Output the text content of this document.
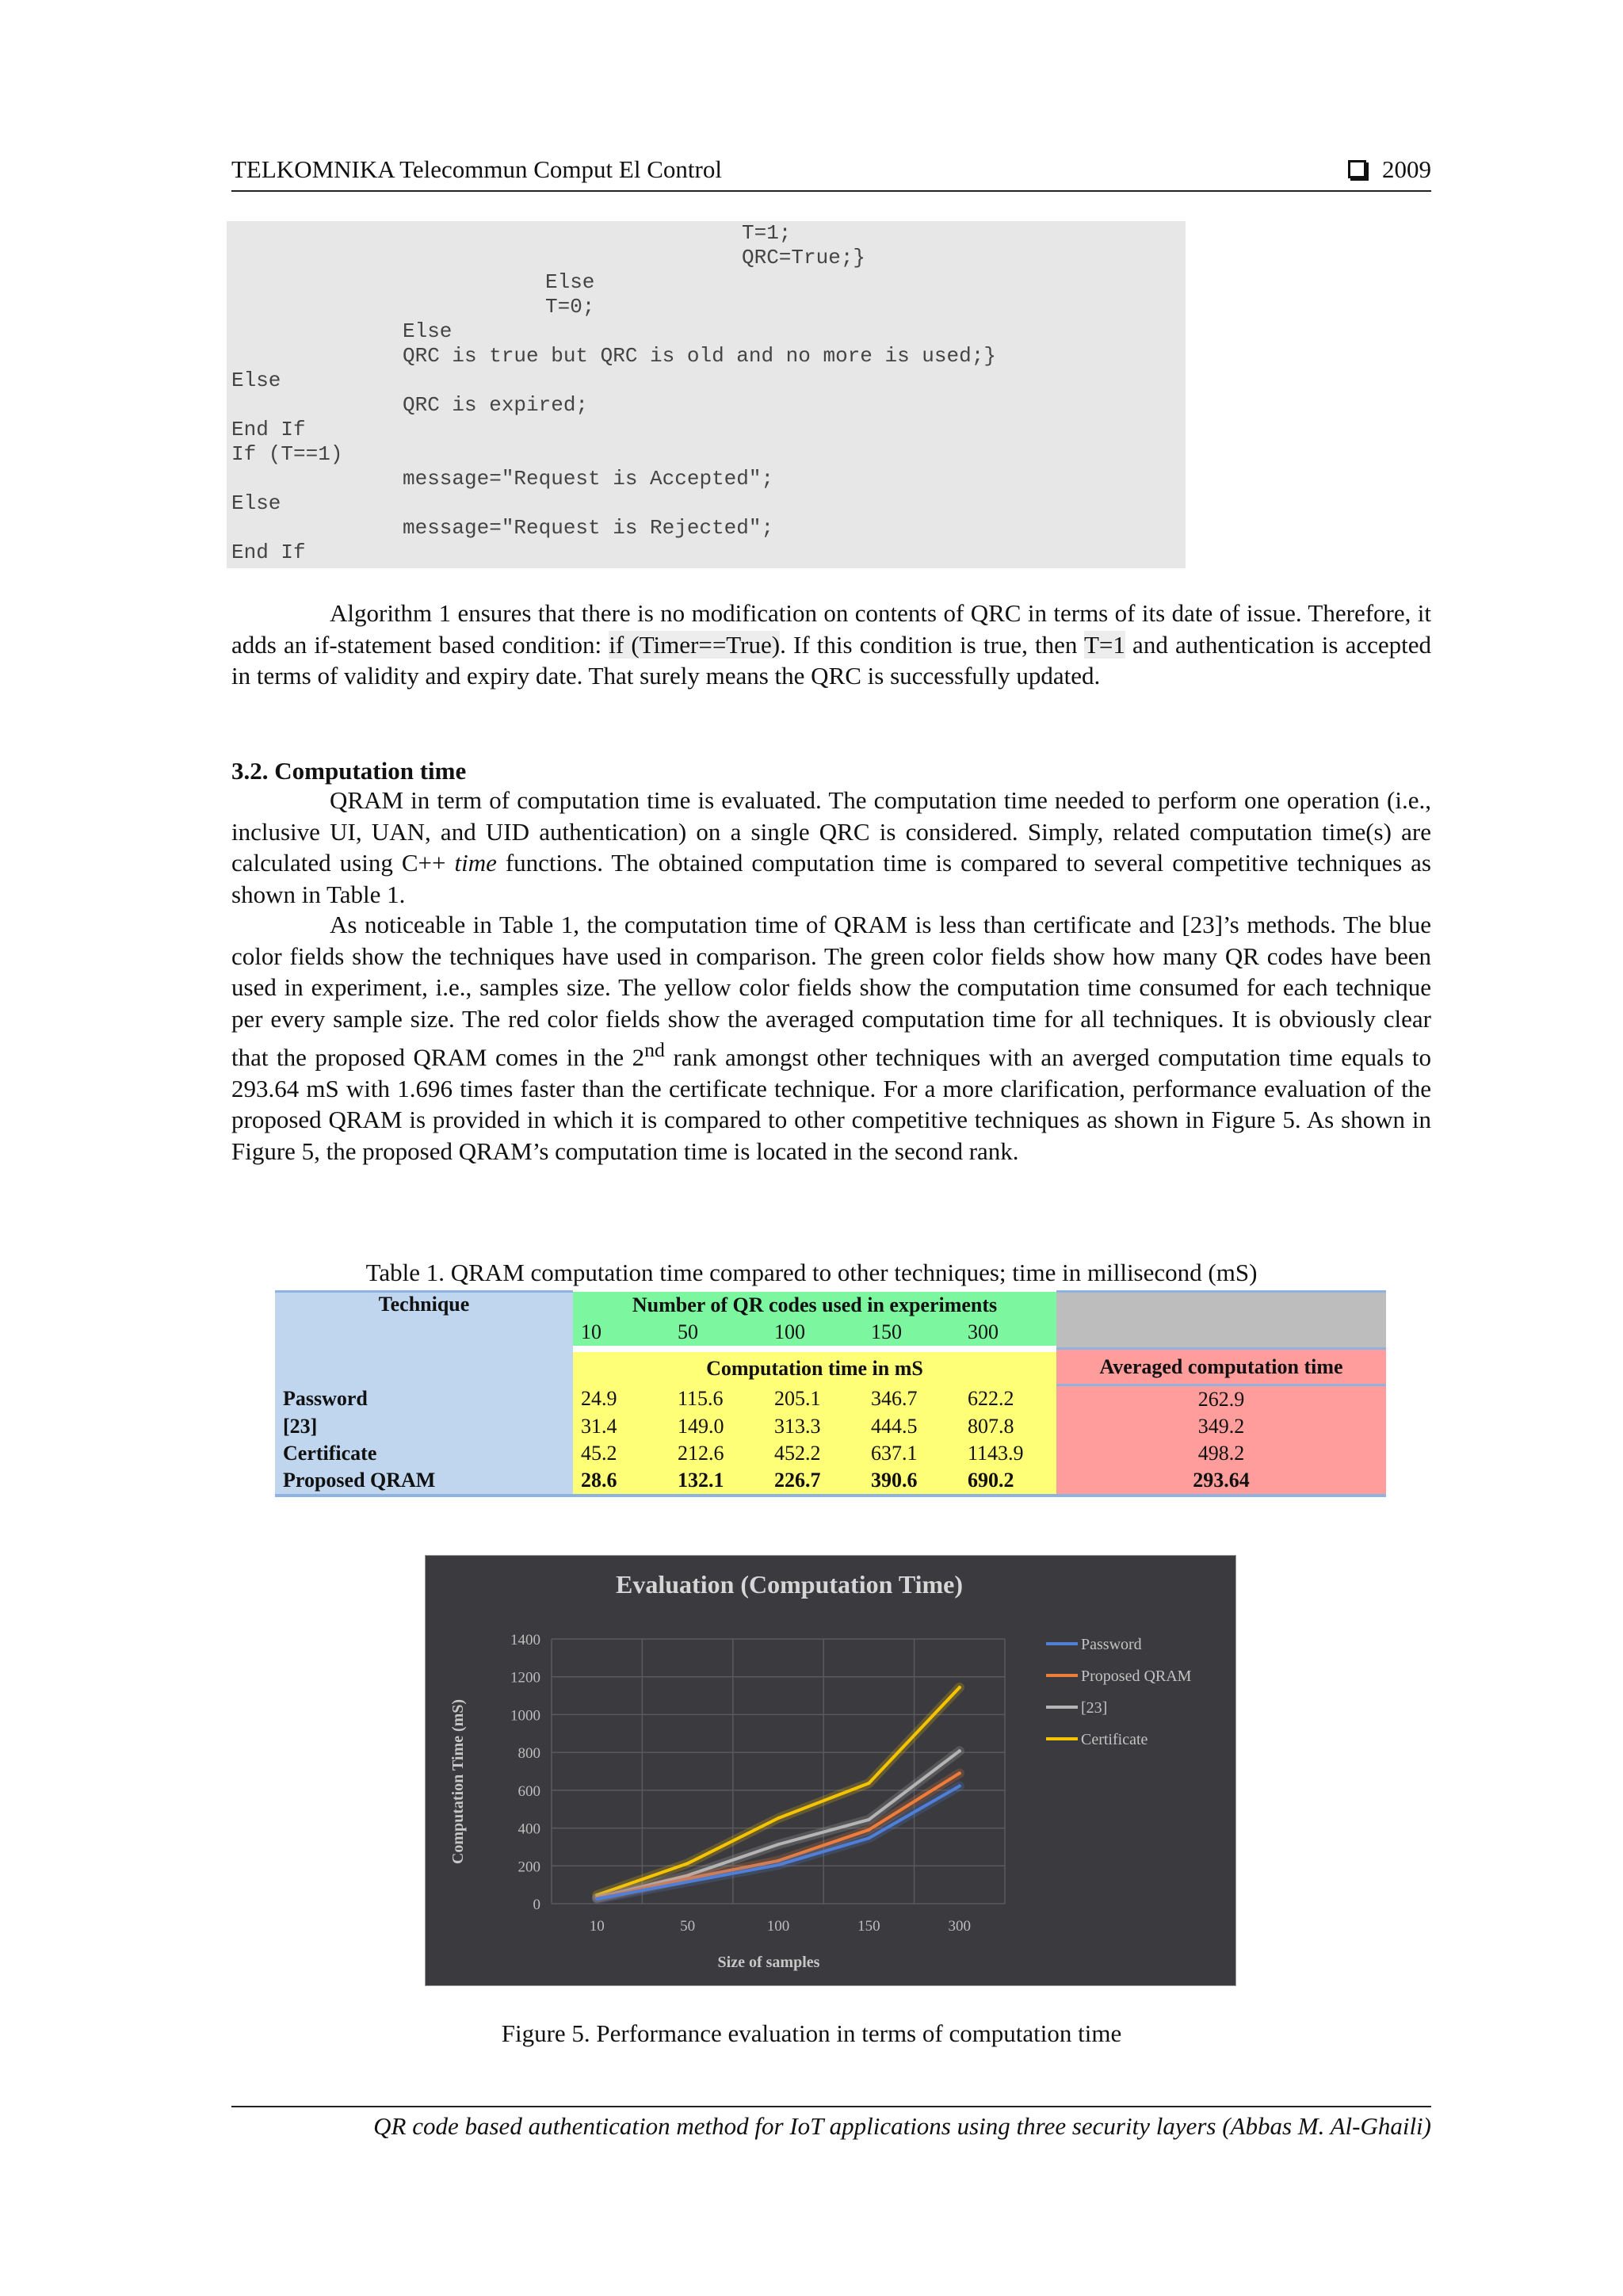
TELKOMNIKA Telecommun Comput El Control	2009
T=1;
QRC=True;}
Else
T=0;
Else
QRC is true but QRC is old and no more is used;}
Else
QRC is expired;
End If
If (T==1)
message="Request is Accepted";
Else
message="Request is Rejected";
End If
Algorithm 1 ensures that there is no modification on contents of QRC in terms of its date of issue. Therefore, it adds an if-statement based condition: if (Timer==True). If this condition is true, then T=1 and authentication is accepted in terms of validity and expiry date. That surely means the QRC is successfully updated.
3.2. Computation time
QRAM in term of computation time is evaluated. The computation time needed to perform one operation (i.e., inclusive UI, UAN, and UID authentication) on a single QRC is considered. Simply, related computation time(s) are calculated using C++ time functions. The obtained computation time is compared to several competitive techniques as shown in Table 1.
As noticeable in Table 1, the computation time of QRAM is less than certificate and [23]’s methods. The blue color fields show the techniques have used in comparison. The green color fields show how many QR codes have been used in experiment, i.e., samples size. The yellow color fields show the computation time consumed for each technique per every sample size. The red color fields show the averaged computation time for all techniques. It is obviously clear that the proposed QRAM comes in the 2nd rank amongst other techniques with an averged computation time equals to 293.64 mS with 1.696 times faster than the certificate technique. For a more clarification, performance evaluation of the proposed QRAM is provided in which it is compared to other competitive techniques as shown in Figure 5. As shown in Figure 5, the proposed QRAM’s computation time is located in the second rank.
Table 1. QRAM computation time compared to other techniques; time in millisecond (mS)
Technique	Number of QR codes used in experiments					
	10	50	100	150	300	
	Computation time in mS					Averaged computation time
Password	24.9	115.6	205.1	346.7	622.2	262.9
[23]	31.4	149.0	313.3	444.5	807.8	349.2
Certificate	45.2	212.6	452.2	637.1	1143.9	498.2
Proposed QRAM	28.6	132.1	226.7	390.6	690.2	293.64
Evaluation (Computation Time)
Size of samples
Computation Time (mS)
0
200
400
600
800
1000
1200
1400
10	50	100	150	300
Password
Proposed QRAM
[23]
Certificate
Figure 5. Performance evaluation in terms of computation time
QR code based authentication method for IoT applications using three security layers (Abbas M. Al-Ghaili)
